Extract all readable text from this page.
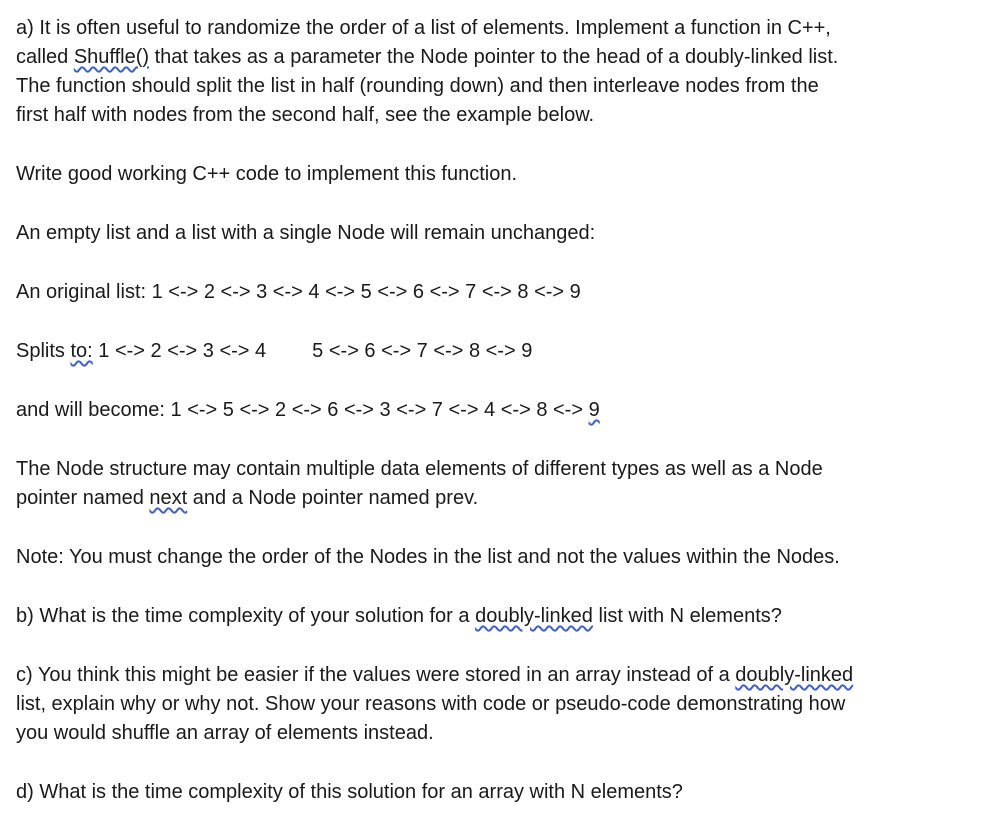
a) It is often useful to randomize the order of a list of elements. Implement a function in C++,
called Shuffle() that takes as a parameter the Node pointer to the head of a doubly-linked list.
The function should split the list in half (rounding down) and then interleave nodes from the
first half with nodes from the second half, see the example below.

Write good working C++ code to implement this function.

An empty list and a list with a single Node will remain unchanged:

An original list: 1 <-> 2 <-> 3 <-> 4 <-> 5 <-> 6 <-> 7 <-> 8 <-> 9

Splits to: 1 <-> 2 <-> 3 <-> 4 5 <-> 6 <-> 7 <-> 8 <-> 9

and will become: 1 <-> 5 <-> 2 <-> 6 <-> 3 <-> 7 <-> 4 <-> 8 <-> 9

The Node structure may contain multiple data elements of different types as well as a Node
pointer named next and a Node pointer named prev.

Note: You must change the order of the Nodes in the list and not the values within the Nodes.

b) What is the time complexity of your solution for a doubly-linked list with N elements?

c) You think this might be easier if the values were stored in an array instead of a doubly-linked
list, explain why or why not. Show your reasons with code or pseudo-code demonstrating how
you would shuffle an array of elements instead.

d) What is the time complexity of this solution for an array with N elements?
